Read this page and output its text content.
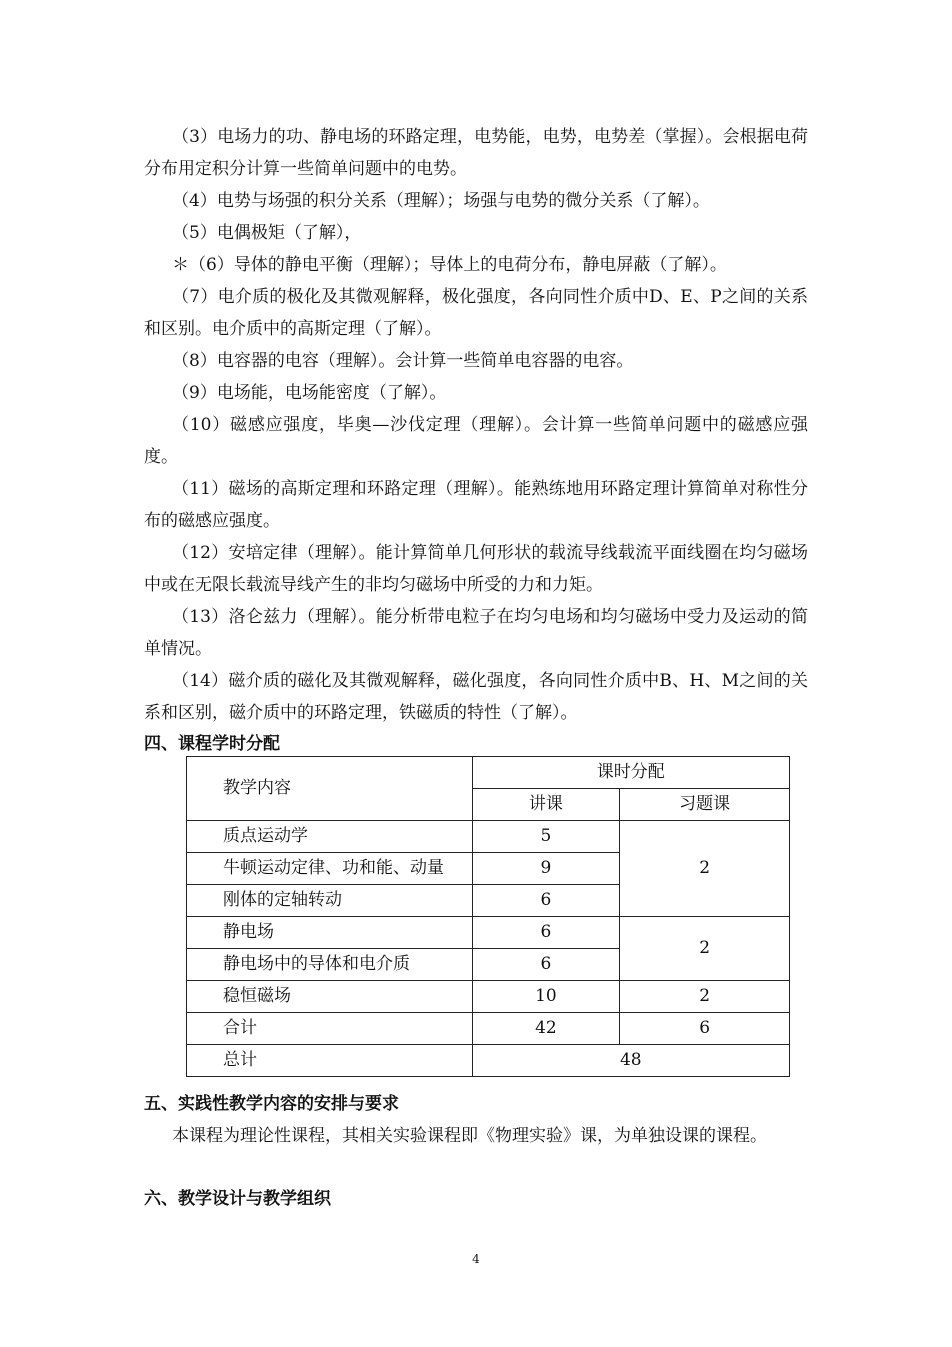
（3）电场力的功、静电场的环路定理，电势能，电势，电势差（掌握）。会根据电荷分布用定积分计算一些简单问题中的电势。

（4）电势与场强的积分关系（理解）；场强与电势的微分关系（了解）。

（5）电偶极矩（了解），

＊（6）导体的静电平衡（理解）；导体上的电荷分布，静电屏蔽（了解）。

（7）电介质的极化及其微观解释，极化强度，各向同性介质中D、E、P之间的关系和区别。电介质中的高斯定理（了解）。

（8）电容器的电容（理解）。会计算一些简单电容器的电容。

（9）电场能，电场能密度（了解）。

（10）磁感应强度，毕奥—沙伐定理（理解）。会计算一些简单问题中的磁感应强度。

（11）磁场的高斯定理和环路定理（理解）。能熟练地用环路定理计算简单对称性分布的磁感应强度。

（12）安培定律（理解）。能计算简单几何形状的载流导线载流平面线圈在均匀磁场中或在无限长载流导线产生的非均匀磁场中所受的力和力矩。

（13）洛仑兹力（理解）。能分析带电粒子在均匀电场和均匀磁场中受力及运动的简单情况。

（14）磁介质的磁化及其微观解释，磁化强度，各向同性介质中B、H、M之间的关系和区别，磁介质中的环路定理，铁磁质的特性（了解）。

四、课程学时分配
教学内容	课时分配	
	讲课	习题课
质点运动学	5	2
牛顿运动定律、功和能、动量	9	
刚体的定轴转动	6	
静电场	6	2
静电场中的导体和电介质	6	
稳恒磁场	10	2
合计	42	6
总计	48	
五、实践性教学内容的安排与要求

本课程为理论性课程，其相关实验课程即《物理实验》课，为单独设课的课程。

六、教学设计与教学组织
4
